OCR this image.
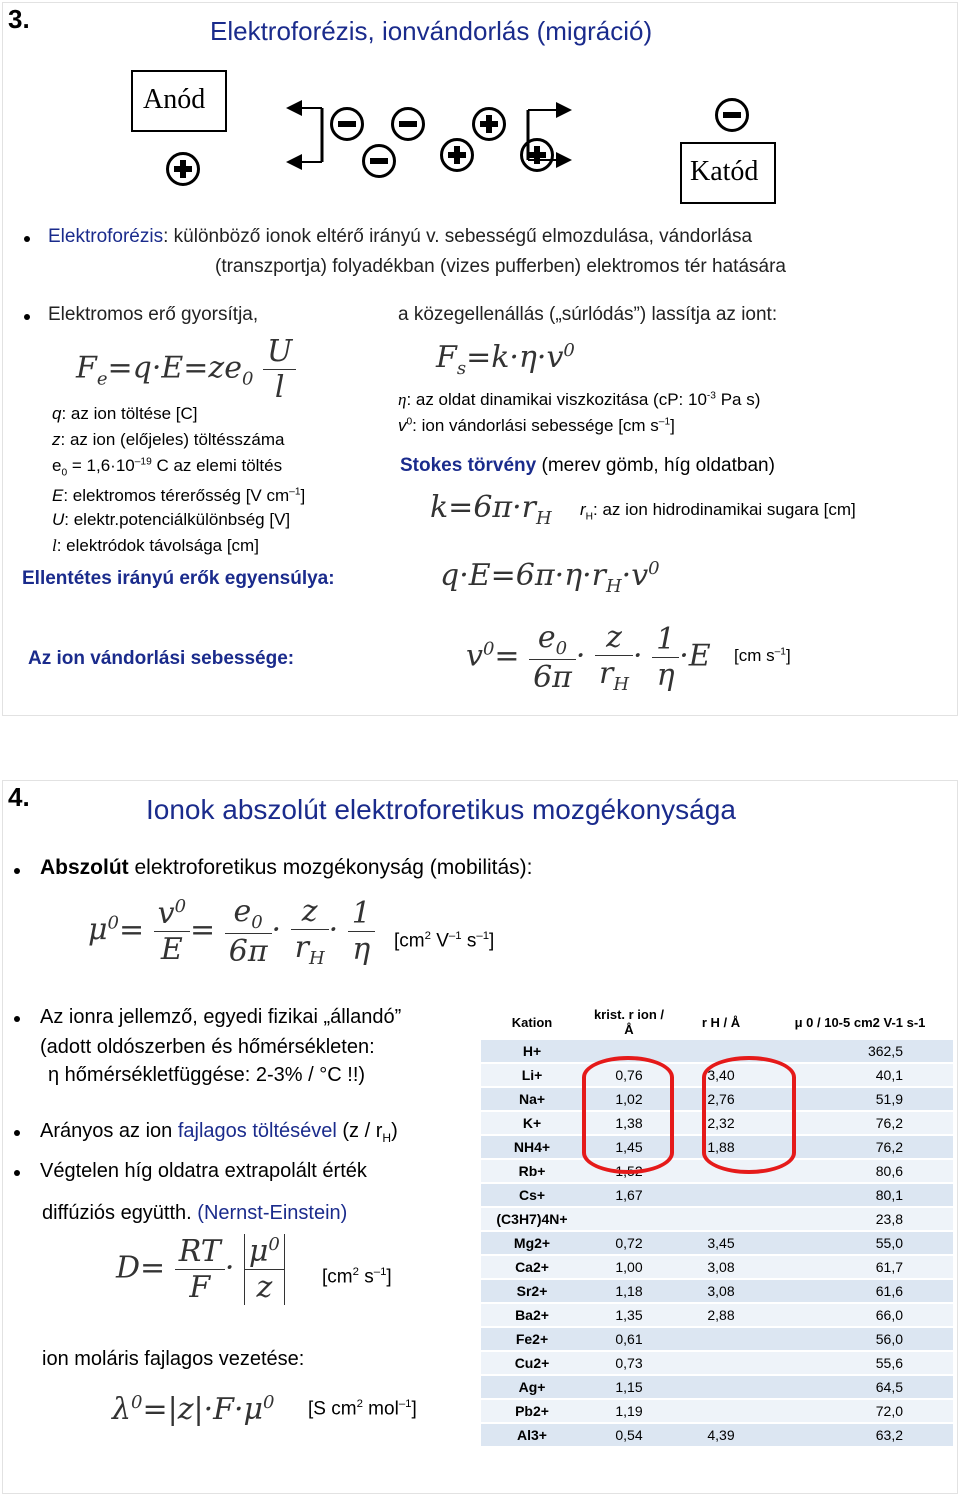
3.	Elektroforézis, ionvándorlás (migráció)
Anód
Katód
Elektroforézis: különböző ionok eltérő irányú v. sebességű elmozdulása, vándorlása
(transzportja) folyadékban (vizes pufferben) elektromos tér hatására
Elektromos erő gyorsítja,	a közegellenállás („súrlódás”) lassítja az iont:
$F_e=q\cdot E=ze_0 \frac{U}{l}$	$F_s=k\cdot\eta\cdot v^0$
q: az ion töltése [C]
z: az ion (előjeles) töltésszáma
$e_0 = 1,6\cdot 10^{-19}$ C az elemi töltés
E: elektromos térerősség [V $cm^{-1}$]
U: elektr.potenciálkülönbség [V]
l: elektródok távolsága [cm]
η: az oldat dinamikai viszkozitása (cP: $10^{-3}$ Pa s)
$v^0$: ion vándorlási sebessége [cm $s^{-1}$]
Stokes törvény (merev gömb, híg oldatban)
$k=6\pi\cdot r_H$ $r_H$: az ion hidrodinamikai sugara [cm]
Ellentétes irányú erők egyensúlya:	$q\cdot E=6\pi\cdot\eta\cdot r_H\cdot v^0$
Az ion vándorlási sebessége:	$v^0= \frac{e_0}{6\pi} \cdot \frac{z}{r_H} \cdot \frac{1}{\eta} \cdot E$ [cm $s^{-1}$]
4.	Ionok abszolút elektroforetikus mozgékonysága
Abszolút elektroforetikus mozgékonyság (mobilitás):
$\mu^0= \frac{v^0}{E} = \frac{e_0}{6\pi} \cdot \frac{z}{r_H} \cdot \frac{1}{\eta} [cm^2$ $V^{-1}$ $s^{-1}$]
Az ionra jellemző, egyedi fizikai „állandó”
(adott oldószerben és hőmérsékleten:
η hőmérsékletfüggése: 2-3% / °C !!)
Arányos az ion fajlagos töltésével $(z / r_H)$
Végtelen híg oldatra extrapolált érték
diffúziós együtth. (Nernst-Einstein)
$D= \frac{RT}{F} \cdot \frac{\mu^0}{z} [cm^2$ $s^{-1}$]
ion moláris fajlagos vezetése:
$\lambda^0=|z|\cdot F\cdot\mu^0$ [S $cm^2$ mol$^{-1}$]
Kation	krist. r ion / Å	r H / Å	μ 0 / 10-5 cm2 V-1 s-1
H+			362,5
Li+	0,76	3,40	40,1
Na+	1,02	2,76	51,9
K+	1,38	2,32	76,2
NH4+	1,45	1,88	76,2
Rb+	1,52		80,6
Cs+	1,67		80,1
(C3H7)4N+			23,8
Mg2+	0,72	3,45	55,0
Ca2+	1,00	3,08	61,7
Sr2+	1,18	3,08	61,6
Ba2+	1,35	2,88	66,0
Fe2+	0,61		56,0
Cu2+	0,73		55,6
Ag+	1,15		64,5
Pb2+	1,19		72,0
Al3+	0,54	4,39	63,2
